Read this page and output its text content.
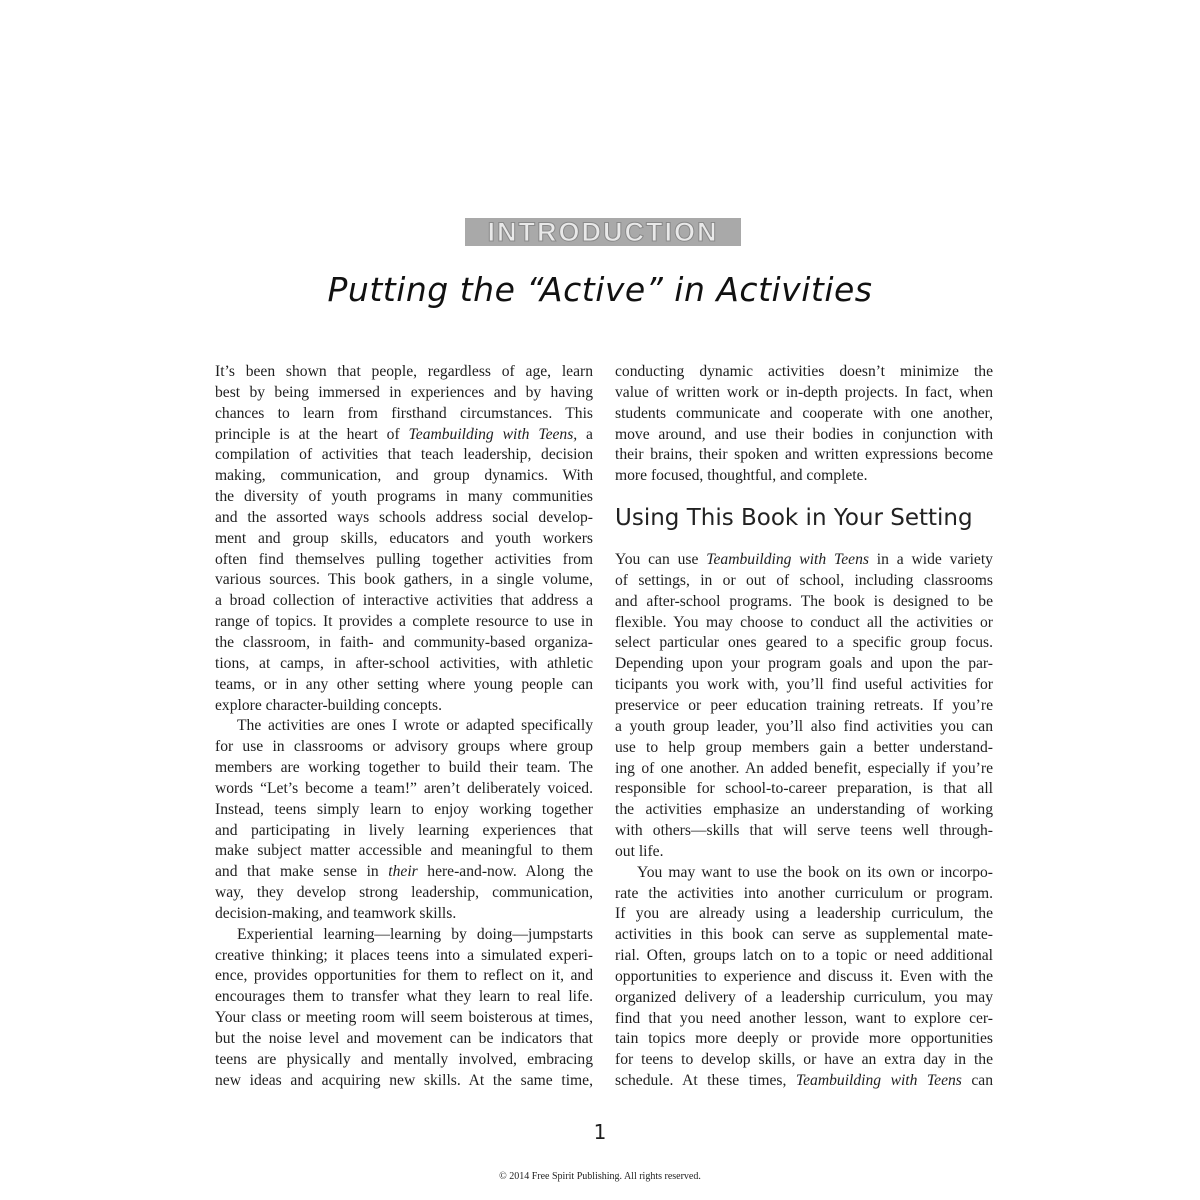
INTRODUCTION
Putting the “Active” in Activities
It’s been shown that people, regardless of age, learn
best by being immersed in experiences and by having
chances to learn from firsthand circumstances. This
principle is at the heart of Teambuilding with Teens, a
compilation of activities that teach leadership, decision
making, communication, and group dynamics. With
the diversity of youth programs in many communities
and the assorted ways schools address social develop-
ment and group skills, educators and youth workers
often find themselves pulling together activities from
various sources. This book gathers, in a single volume,
a broad collection of interactive activities that address a
range of topics. It provides a complete resource to use in
the classroom, in faith- and community-based organiza-
tions, at camps, in after-school activities, with athletic
teams, or in any other setting where young people can
explore character-building concepts.
The activities are ones I wrote or adapted specifically
for use in classrooms or advisory groups where group
members are working together to build their team. The
words “Let’s become a team!” aren’t deliberately voiced.
Instead, teens simply learn to enjoy working together
and participating in lively learning experiences that
make subject matter accessible and meaningful to them
and that make sense in their here-and-now. Along the
way, they develop strong leadership, communication,
decision-making, and teamwork skills.
Experiential learning—learning by doing—jumpstarts
creative thinking; it places teens into a simulated experi-
ence, provides opportunities for them to reflect on it, and
encourages them to transfer what they learn to real life.
Your class or meeting room will seem boisterous at times,
but the noise level and movement can be indicators that
teens are physically and mentally involved, embracing
new ideas and acquiring new skills. At the same time,
conducting dynamic activities doesn’t minimize the
value of written work or in-depth projects. In fact, when
students communicate and cooperate with one another,
move around, and use their bodies in conjunction with
their brains, their spoken and written expressions become
more focused, thoughtful, and complete.
Using This Book in Your Setting
You can use Teambuilding with Teens in a wide variety
of settings, in or out of school, including classrooms
and after-school programs. The book is designed to be
flexible. You may choose to conduct all the activities or
select particular ones geared to a specific group focus.
Depending upon your program goals and upon the par-
ticipants you work with, you’ll find useful activities for
preservice or peer education training retreats. If you’re
a youth group leader, you’ll also find activities you can
use to help group members gain a better understand-
ing of one another. An added benefit, especially if you’re
responsible for school-to-career preparation, is that all
the activities emphasize an understanding of working
with others—skills that will serve teens well through-
out life.
You may want to use the book on its own or incorpo-
rate the activities into another curriculum or program.
If you are already using a leadership curriculum, the
activities in this book can serve as supplemental mate-
rial. Often, groups latch on to a topic or need additional
opportunities to experience and discuss it. Even with the
organized delivery of a leadership curriculum, you may
find that you need another lesson, want to explore cer-
tain topics more deeply or provide more opportunities
for teens to develop skills, or have an extra day in the
schedule. At these times, Teambuilding with Teens can
1
© 2014 Free Spirit Publishing. All rights reserved.
